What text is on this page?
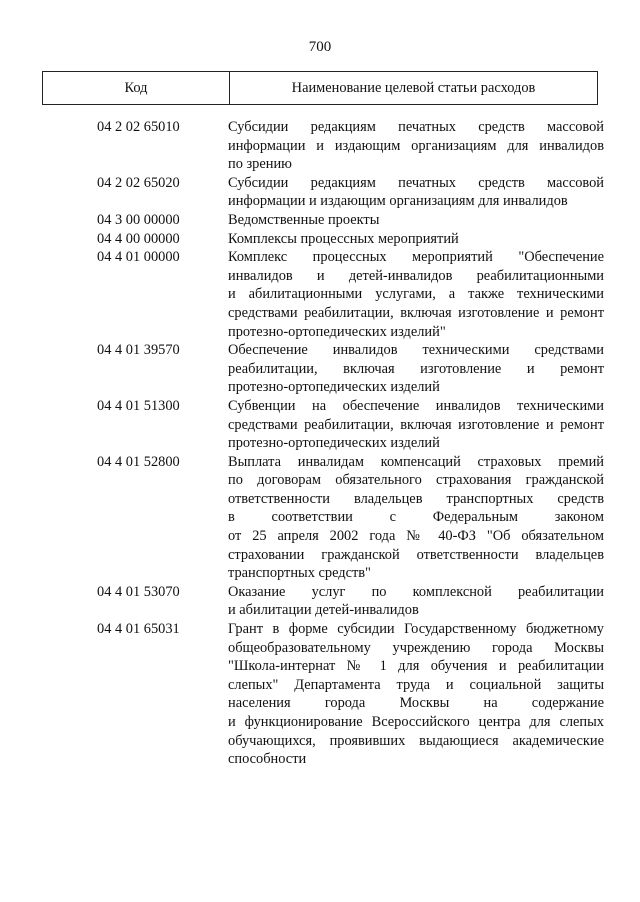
700
Код	Наименование целевой статьи расходов
04 2 02 65010	Субсидии редакциям печатных средств массовой
информации и издающим организациям для инвалидов
по зрению
04 2 02 65020	Субсидии редакциям печатных средств массовой
информации и издающим организациям для инвалидов
04 3 00 00000	Ведомственные проекты
04 4 00 00000	Комплексы процессных мероприятий
04 4 01 00000	Комплекс процессных мероприятий "Обеспечение
инвалидов и детей-инвалидов реабилитационными
и абилитационными услугами, а также техническими
средствами реабилитации, включая изготовление и ремонт
протезно-ортопедических изделий"
04 4 01 39570	Обеспечение инвалидов техническими средствами
реабилитации, включая изготовление и ремонт
протезно-ортопедических изделий
04 4 01 51300	Субвенции на обеспечение инвалидов техническими
средствами реабилитации, включая изготовление и ремонт
протезно-ортопедических изделий
04 4 01 52800	Выплата инвалидам компенсаций страховых премий
по договорам обязательного страхования гражданской
ответственности владельцев транспортных средств
в соответствии с Федеральным законом
от 25 апреля 2002 года № 40-ФЗ "Об обязательном
страховании гражданской ответственности владельцев
транспортных средств"
04 4 01 53070	Оказание услуг по комплексной реабилитации
и абилитации детей-инвалидов
04 4 01 65031	Грант в форме субсидии Государственному бюджетному
общеобразовательному учреждению города Москвы
"Школа-интернат № 1 для обучения и реабилитации
слепых" Департамента труда и социальной защиты
населения города Москвы на содержание
и функционирование Всероссийского центра для слепых
обучающихся, проявивших выдающиеся академические
способности
